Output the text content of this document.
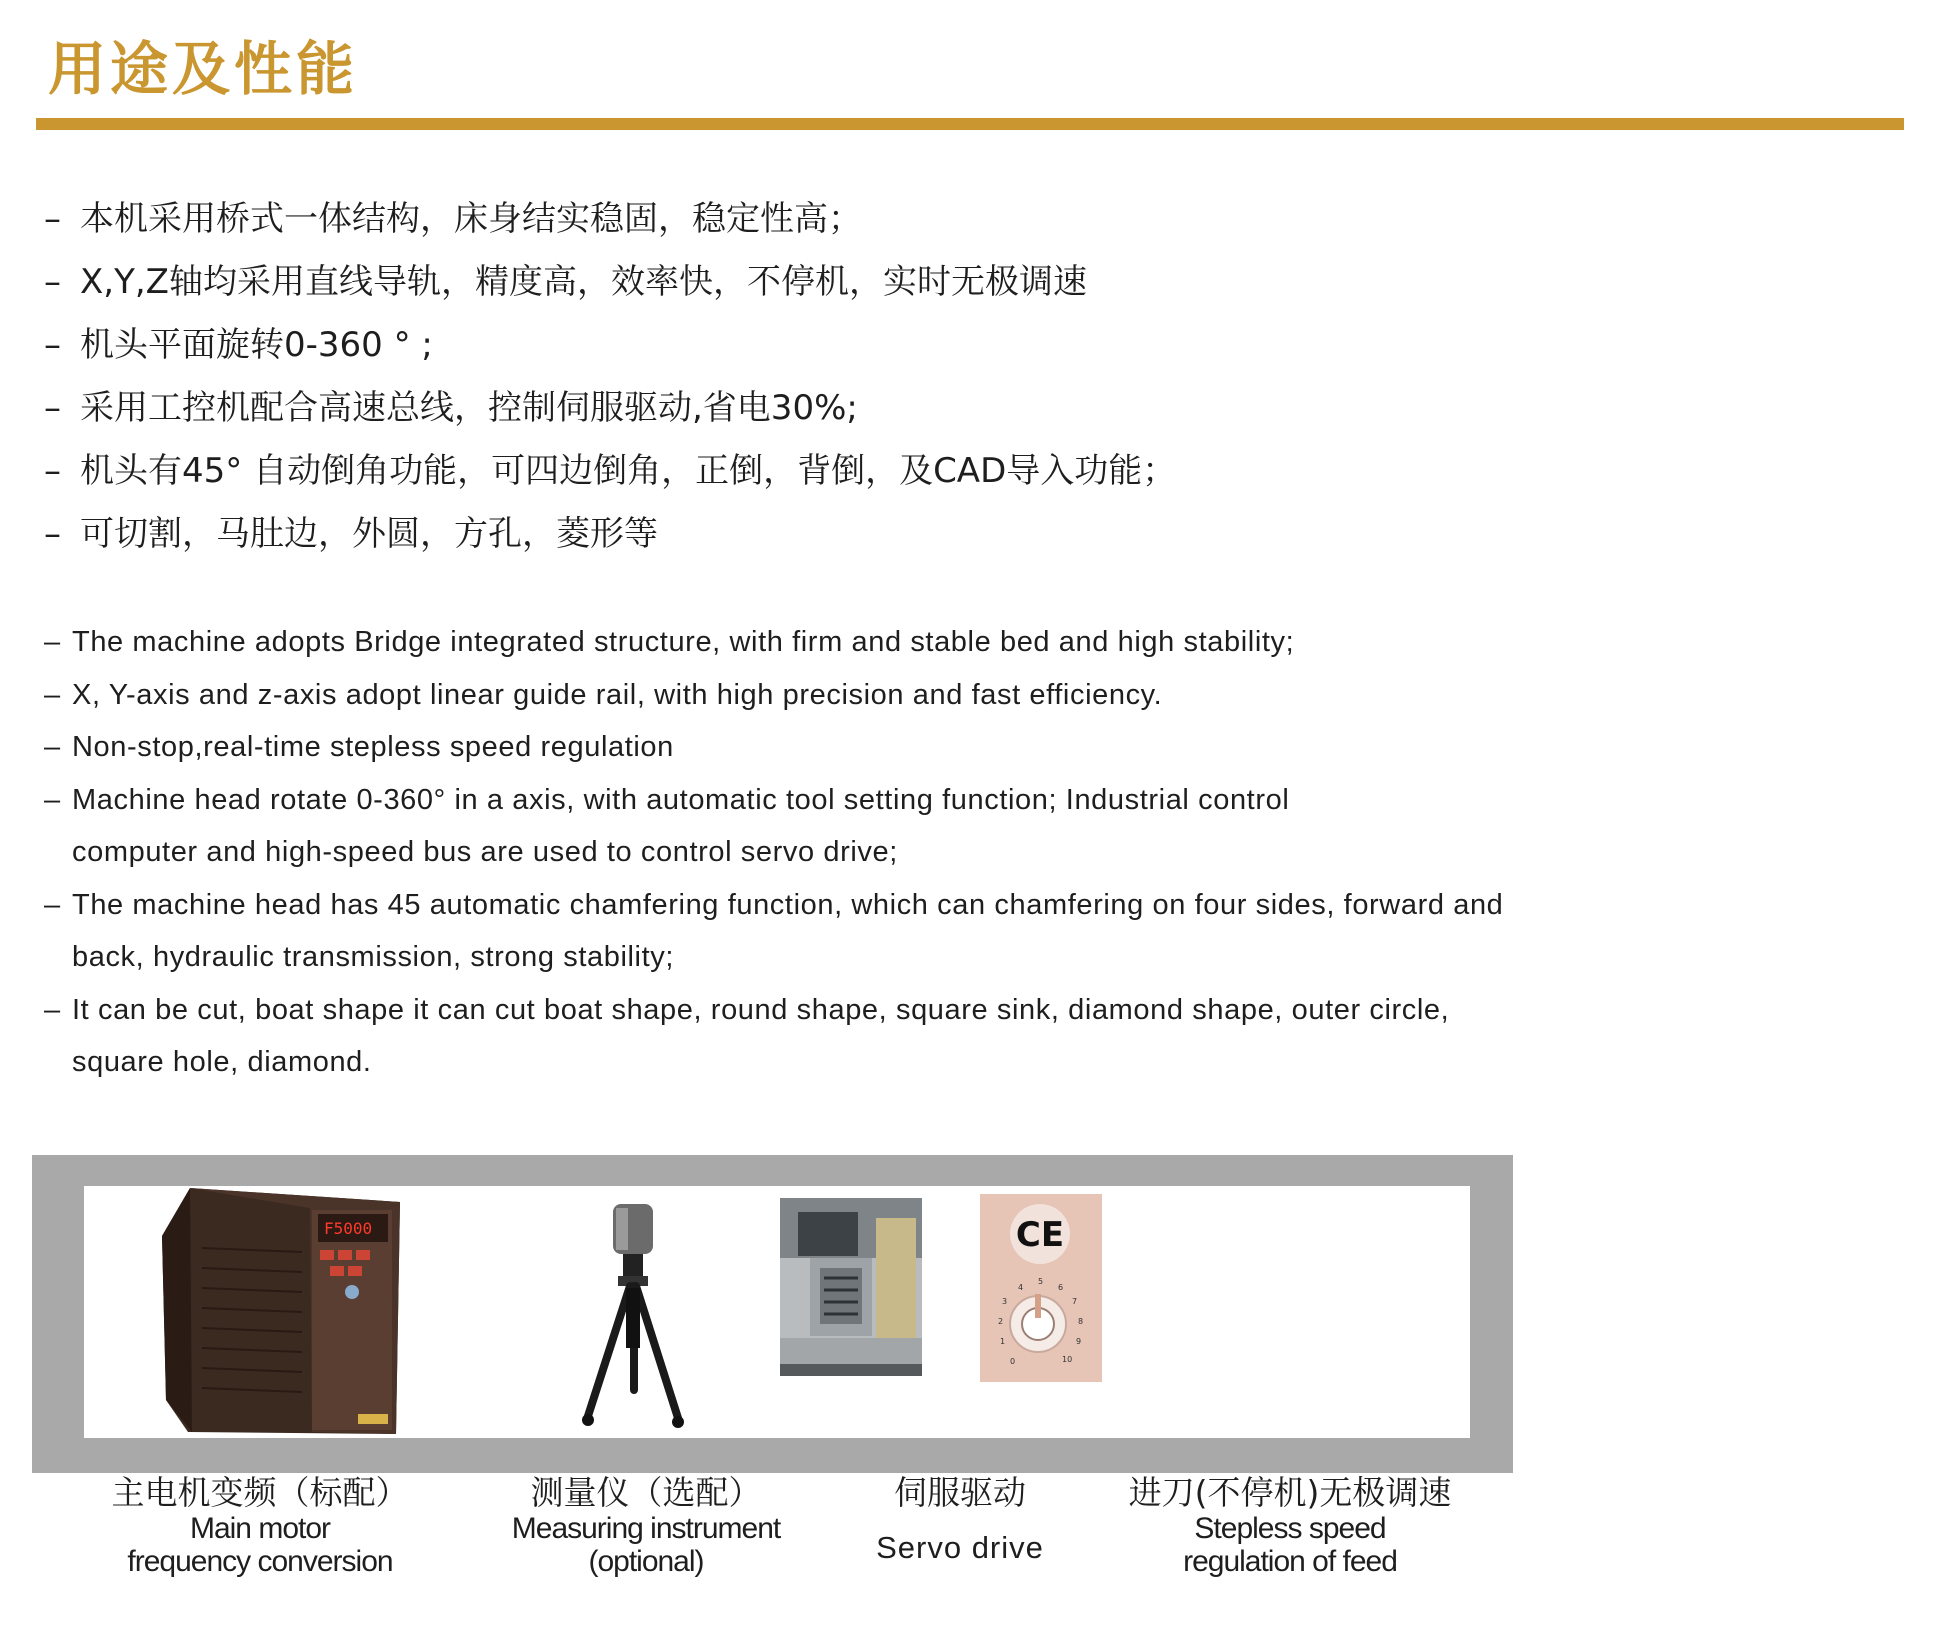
用途及性能
– 本机采用桥式一体结构，床身结实稳固，稳定性高；
– X,Y,Z轴均采用直线导轨，精度高，效率快，不停机，实时无极调速
– 机头平面旋转0-360 ° ;
– 采用工控机配合高速总线，控制伺服驱动,省电30%;
– 机头有45° 自动倒角功能，可四边倒角，正倒，背倒，及CAD导入功能；
– 可切割，马肚边，外圆，方孔，菱形等
– The machine adopts Bridge integrated structure, with firm and stable bed and high stability;
– X, Y-axis and z-axis adopt linear guide rail, with high precision and fast efficiency.
– Non-stop,real-time stepless speed regulation
– Machine head rotate 0-360° in a axis, with automatic tool setting function; Industrial control computer and high-speed bus are used to control servo drive;
– The machine head has 45 automatic chamfering function, which can chamfering on four sides, forward and back, hydraulic transmission, strong stability;
– It can be cut, boat shape it can cut boat shape, round shape, square sink, diamond shape, outer circle, square hole, diamond.
F5000	CE
0
1
2
3
4
5
6
7
8
9
10
主电机变频（标配）
Main motor
frequency conversion
测量仪（选配）
Measuring instrument
(optional)
伺服驱动
Servo drive
进刀(不停机)无极调速
Stepless speed
regulation of feed
